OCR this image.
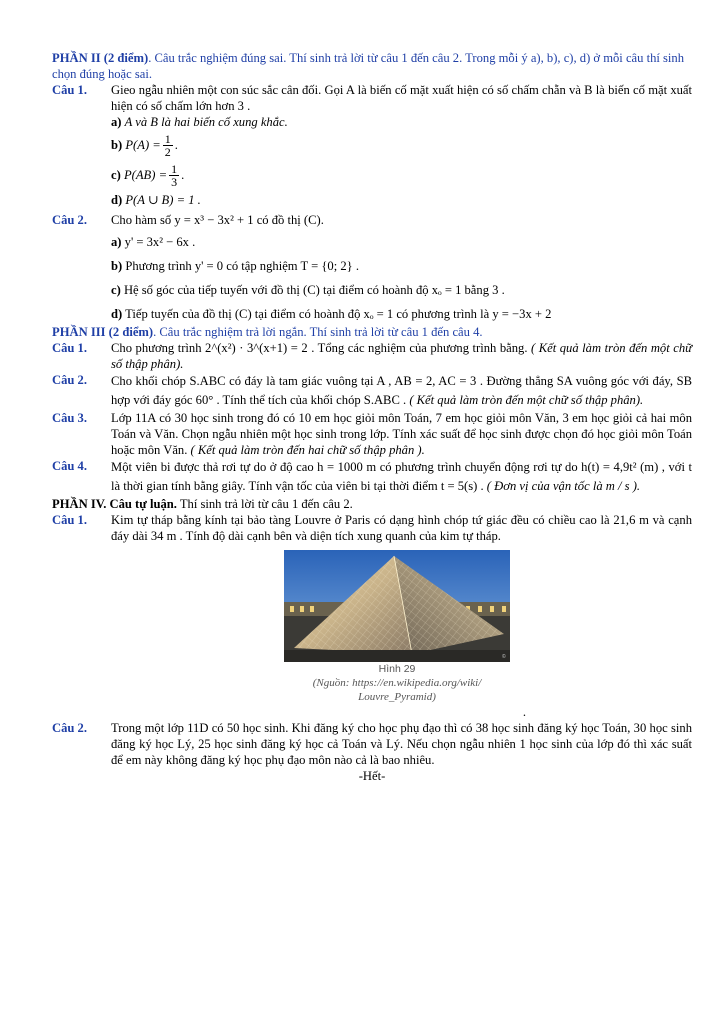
PHẦN II (2 điểm). Câu trắc nghiệm đúng sai. Thí sinh trả lời từ câu 1 đến câu 2. Trong mỗi ý a), b), c), d) ở mỗi câu thí sinh chọn đúng hoặc sai.
Câu 1.	Gieo ngẫu nhiên một con súc sắc cân đối. Gọi A là biến cố mặt xuất hiện có số chấm chẵn và B là biến cố mặt xuất hiện có số chấm lớn hơn 3 .
a) A và B là hai biến cố xung khắc.
b)
$P(A) = \frac{1}{2}$ .
c)
$P(AB) = \frac{1}{3}$ .
d) P(A ∪ B) = 1 .
Câu 2.	Cho hàm số y = x³ − 3x² + 1 có đồ thị (C).
a) y' = 3x² − 6x .
b) Phương trình y' = 0 có tập nghiệm T = {0; 2} .
c) Hệ số góc của tiếp tuyến với đồ thị (C) tại điểm có hoành độ xₒ = 1 bằng 3 .
d) Tiếp tuyến của đồ thị (C) tại điểm có hoành độ xₒ = 1 có phương trình là y = −3x + 2
PHẦN III (2 điểm). Câu trắc nghiệm trả lời ngắn. Thí sinh trả lời từ câu 1 đến câu 4.
Câu 1.	Cho phương trình 2^(x²) · 3^(x+1) = 2 . Tổng các nghiệm của phương trình bằng. ( Kết quả làm tròn đến một chữ số thập phân).
Câu 2.	Cho khối chóp S.ABC có đáy là tam giác vuông tại A , AB = 2, AC = 3 . Đường thẳng SA vuông góc với đáy, SB hợp với đáy góc 60° . Tính thể tích của khối chóp S.ABC . ( Kết quả làm tròn đến một chữ số thập phân).
Câu 3.	Lớp 11A có 30 học sinh trong đó có 10 em học giỏi môn Toán, 7 em học giỏi môn Văn, 3 em học giỏi cả hai môn Toán và Văn. Chọn ngẫu nhiên một học sinh trong lớp. Tính xác suất để học sinh được chọn đó học giỏi môn Toán hoặc môn Văn. ( Kết quả làm tròn đến hai chữ số thập phân ).
Câu 4.	Một viên bi được thả rơi tự do ở độ cao h = 1000 m có phương trình chuyển động rơi tự do h(t) = 4,9t² (m) , với t là thời gian tính bằng giây. Tính vận tốc của viên bi tại thời điểm t = 5(s) . ( Đơn vị của vận tốc là m / s ).
PHẦN IV. Câu tự luận. Thí sinh trả lời từ câu 1 đến câu 2.
Câu 1.	Kim tự tháp bằng kính tại bảo tàng Louvre ở Paris có dạng hình chóp tứ giác đều có chiều cao là 21,6 m và cạnh đáy dài 34 m . Tính độ dài cạnh bên và diện tích xung quanh của kim tự tháp.
©
Hình 29
(Nguồn: https://en.wikipedia.org/wiki/
Louvre_Pyramid)
.
Câu 2.	Trong một lớp 11D có 50 học sinh. Khi đăng ký cho học phụ đạo thì có 38 học sinh đăng ký học Toán, 30 học sinh đăng ký học Lý, 25 học sinh đăng ký học cả Toán và Lý. Nếu chọn ngẫu nhiên 1 học sinh của lớp đó thì xác suất để em này không đăng ký học phụ đạo môn nào cả là bao nhiêu.
-Hết-
